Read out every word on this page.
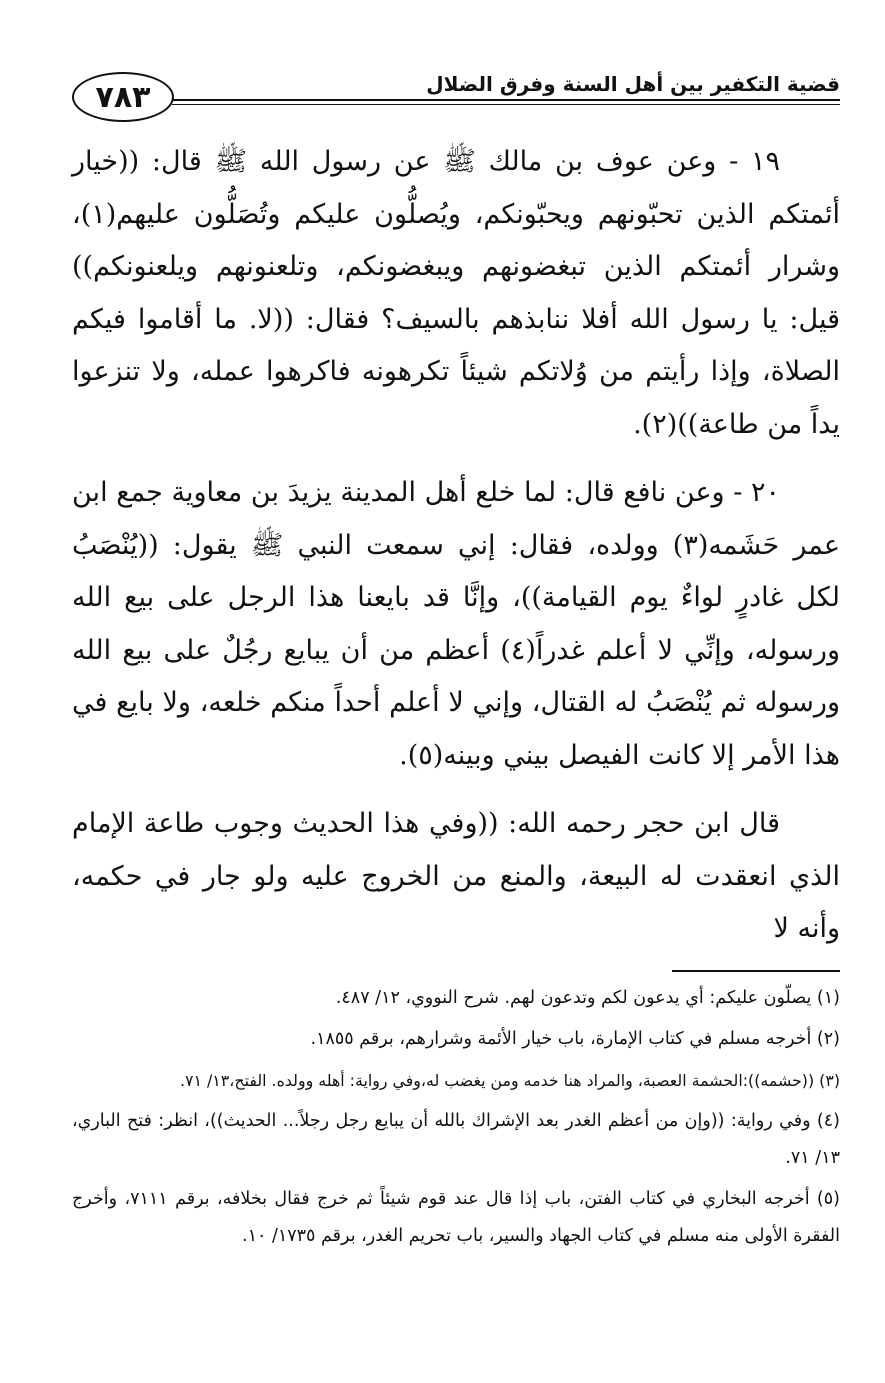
٧٨٣	قضية التكفير بين أهل السنة وفرق الضلال

١٩ - وعن عوف بن مالك ﷺ عن رسول الله ﷺ قال: ((خيار أئمتكم الذين تحبّونهم ويحبّونكم، ويُصلُّون عليكم وتُصَلُّون عليهم(١)، وشرار أئمتكم الذين تبغضونهم ويبغضونكم، وتلعنونهم ويلعنونكم)) قيل: يا رسول الله أفلا ننابذهم بالسيف؟ فقال: ((لا. ما أقاموا فيكم الصلاة، وإذا رأيتم من وُلاتكم شيئاً تكرهونه فاكرهوا عمله، ولا تنزعوا يداً من طاعة))(٢).

٢٠ - وعن نافع قال: لما خلع أهل المدينة يزيدَ بن معاوية جمع ابن عمر حَشَمه(٣) وولده، فقال: إني سمعت النبي ﷺ يقول: ((يُنْصَبُ لكل غادرٍ لواءٌ يوم القيامة))، وإنَّا قد بايعنا هذا الرجل على بيع الله ورسوله، وإنِّي لا أعلم غدراً(٤) أعظم من أن يبايع رجُلٌ على بيع الله ورسوله ثم يُنْصَبُ له القتال، وإني لا أعلم أحداً منكم خلعه، ولا بايع في هذا الأمر إلا كانت الفيصل بيني وبينه(٥).

قال ابن حجر رحمه الله: ((وفي هذا الحديث وجوب طاعة الإمام الذي انعقدت له البيعة، والمنع من الخروج عليه ولو جار في حكمه، وأنه لا

(١) يصلّون عليكم: أي يدعون لكم وتدعون لهم. شرح النووي، ١٢/ ٤٨٧.

(٢) أخرجه مسلم في كتاب الإمارة، باب خيار الأئمة وشرارهم، برقم ١٨٥٥.

(٣) ((حشمه)):الحشمة العصبة، والمراد هنا خدمه ومن يغضب له،وفي رواية: أهله وولده. الفتح،١٣/ ٧١.

(٤) وفي رواية: ((وإن من أعظم الغدر بعد الإشراك بالله أن يبايع رجل رجلاً... الحديث))، انظر: فتح الباري، ١٣/ ٧١.

(٥) أخرجه البخاري في كتاب الفتن، باب إذا قال عند قوم شيئاً ثم خرج فقال بخلافه، برقم ٧١١١، وأخرج الفقرة الأولى منه مسلم في كتاب الجهاد والسير، باب تحريم الغدر، برقم ١٧٣٥/ ١٠.
